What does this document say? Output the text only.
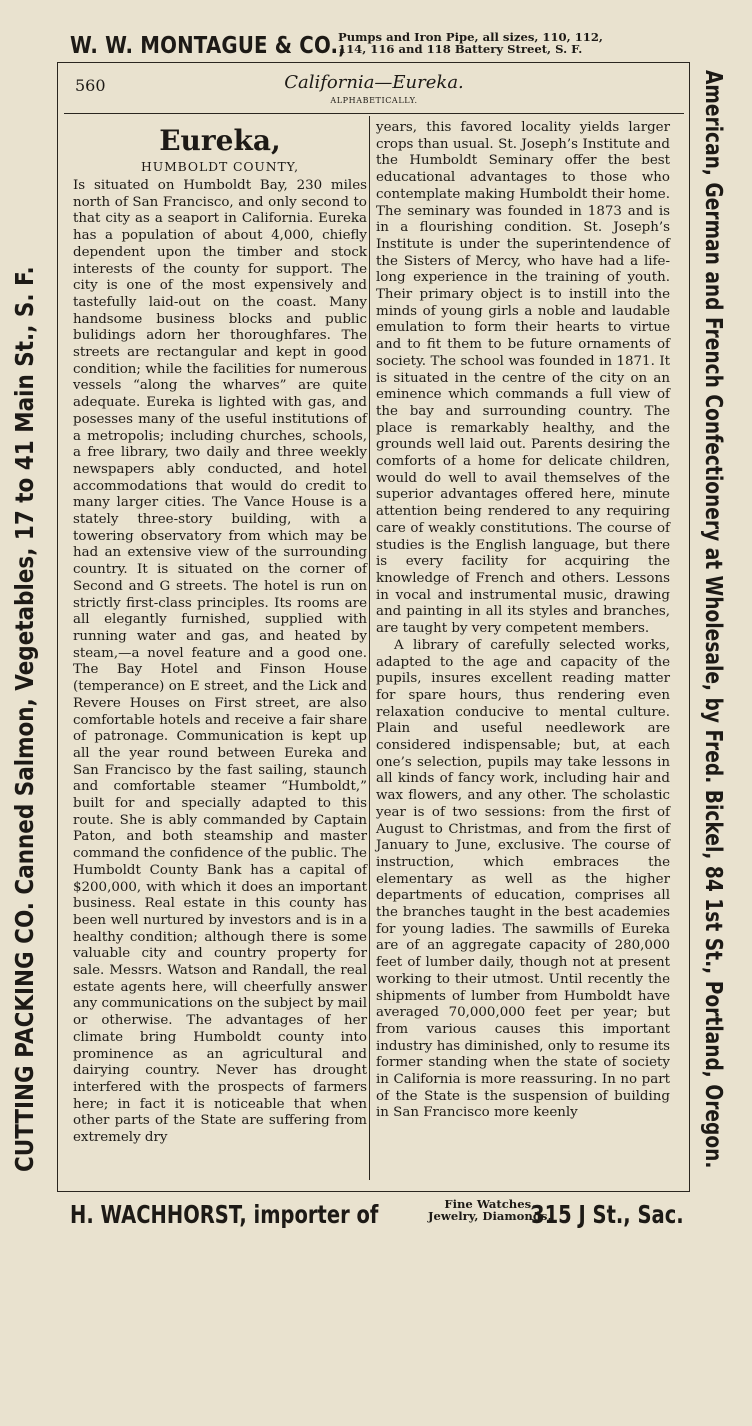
W. W. MONTAGUE & CO.,
Pumps and Iron Pipe, all sizes, 110, 112,
114, 116 and 118 Battery Street, S. F.
CUTTING PACKING CO. Canned Salmon, Vegetables, 17 to 41 Main St., S. F.	American, German and French Confectionery at Wholesale, by Fred. Bickel, 84 1st St., Portland, Oregon.
560	California—Eureka.
ALPHABETICALLY.
Eureka,
HUMBOLDT COUNTY,

Is situated on Humboldt Bay, 230 miles north of San Francisco, and only second to that city as a seaport in California. Eureka has a population of about 4,000, chiefly dependent upon the timber and stock interests of the county for support. The city is one of the most expensively and tastefully laid-out on the coast. Many handsome business blocks and public bulidings adorn her thoroughfares. The streets are rectangular and kept in good condition; while the facilities for numerous vessels “along the wharves” are quite adequate. Eureka is lighted with gas, and posesses many of the useful institutions of a metropolis; including churches, schools, a free library, two daily and three weekly newspapers ably conducted, and hotel accommodations that would do credit to many larger cities. The Vance House is a stately three-story building, with a towering observatory from which may be had an extensive view of the surrounding country. It is situated on the corner of Second and G streets. The hotel is run on strictly first-class principles. Its rooms are all elegantly furnished, supplied with running water and gas, and heated by steam,—a novel feature and a good one. The Bay Hotel and Finson House (temperance) on E street, and the Lick and Revere Houses on First street, are also comfortable hotels and receive a fair share of patronage. Communication is kept up all the year round between Eureka and San Francisco by the fast sailing, staunch and comfortable steamer “Humboldt,” built for and specially adapted to this route. She is ably commanded by Captain Paton, and both steamship and master command the confidence of the public. The Humboldt County Bank has a capital of $200,000, with which it does an important business. Real estate in this county has been well nurtured by investors and is in a healthy condition; although there is some valuable city and country property for sale. Messrs. Watson and Randall, the real estate agents here, will cheerfully answer any communications on the subject by mail or otherwise. The advantages of her climate bring Humboldt county into prominence as an agricultural and dairying country. Never has drought interfered with the prospects of farmers here; in fact it is noticeable that when other parts of the State are suffering from extremely dry

years, this favored locality yields larger crops than usual. St. Joseph’s Institute and the Humboldt Seminary offer the best educational advantages to those who contemplate making Humboldt their home. The seminary was founded in 1873 and is in a flourishing condition. St. Joseph’s Institute is under the superintendence of the Sisters of Mercy, who have had a life-long experience in the training of youth. Their primary object is to instill into the minds of young girls a noble and laudable emulation to form their hearts to virtue and to fit them to be future ornaments of society. The school was founded in 1871. It is situated in the centre of the city on an eminence which commands a full view of the bay and surrounding country. The place is remarkably healthy, and the grounds well laid out. Parents desiring the comforts of a home for delicate children, would do well to avail themselves of the superior advantages offered here, minute attention being rendered to any requiring care of weakly constitutions. The course of studies is the English language, but there is every facility for acquiring the knowledge of French and others. Lessons in vocal and instrumental music, drawing and painting in all its styles and branches, are taught by very competent members.

A library of carefully selected works, adapted to the age and capacity of the pupils, insures excellent reading matter for spare hours, thus rendering even relaxation conducive to mental culture. Plain and useful needlework are considered indispensable; but, at each one’s selection, pupils may take lessons in all kinds of fancy work, including hair and wax flowers, and any other. The scholastic year is of two sessions: from the first of August to Christmas, and from the first of January to June, exclusive. The course of instruction, which embraces the elementary as well as the higher departments of education, comprises all the branches taught in the best academies for young ladies. The sawmills of Eureka are of an aggregate capacity of 280,000 feet of lumber daily, though not at present working to their utmost. Until recently the shipments of lumber from Humboldt have averaged 70,000,000 feet per year; but from various causes this important industry has diminished, only to resume its former standing when the state of society in California is more reassuring. In no part of the State is the suspension of building in San Francisco more keenly

H. WACHHORST, importer of	Fine Watches,
Jewelry, Diamonds,
315 J St., Sac.
